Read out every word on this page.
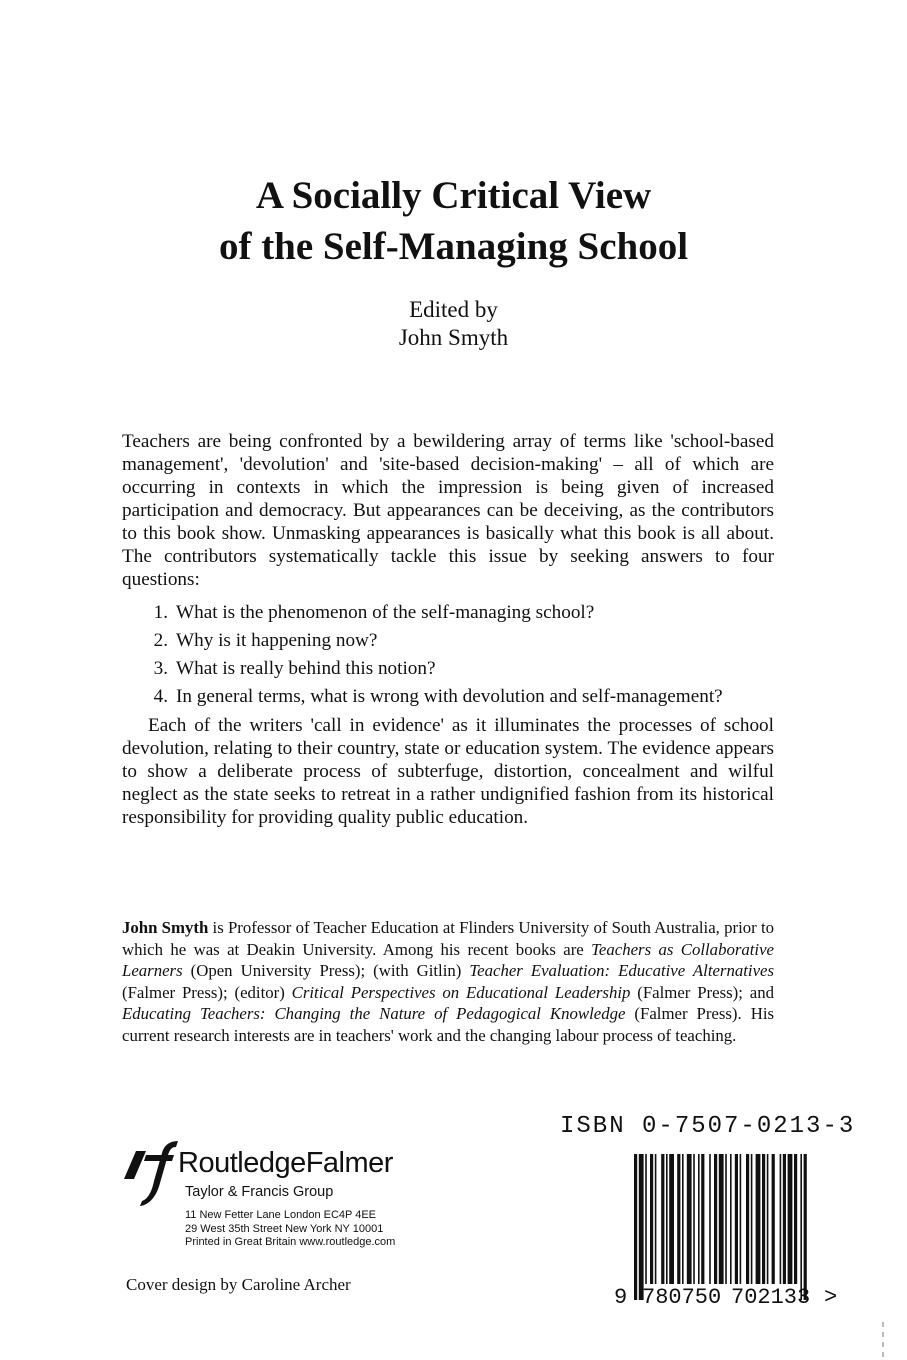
A Socially Critical View
of the Self-Managing School
Edited by
John Smyth

Teachers are being confronted by a bewildering array of terms like 'school-based management', 'devolution' and 'site-based decision-making' – all of which are occurring in contexts in which the impression is being given of increased participation and democracy. But appearances can be deceiving, as the contributors to this book show. Unmasking appearances is basically what this book is all about. The contributors systematically tackle this issue by seeking answers to four questions:

1. What is the phenomenon of the self-managing school?
2. Why is it happening now?
3. What is really behind this notion?
4. In general terms, what is wrong with devolution and self-management?

Each of the writers 'call in evidence' as it illuminates the processes of school devolution, relating to their country, state or education system. The evidence appears to show a deliberate process of subterfuge, distortion, concealment and wilful neglect as the state seeks to retreat in a rather undignified fashion from its historical responsibility for providing quality public education.

John Smyth is Professor of Teacher Education at Flinders University of South Australia, prior to which he was at Deakin University. Among his recent books are Teachers as Collaborative Learners (Open University Press); (with Gitlin) Teacher Evaluation: Educative Alternatives (Falmer Press); (editor) Critical Perspectives on Educational Leadership (Falmer Press); and Educating Teachers: Changing the Nature of Pedagogical Knowledge (Falmer Press). His current research interests are in teachers' work and the changing labour process of teaching.

RoutledgeFalmer
Taylor & Francis Group
11 New Fetter Lane London EC4P 4EE
29 West 35th Street New York NY 10001
Printed in Great Britain www.routledge.com
Cover design by Caroline Archer
ISBN 0-7507-0213-3
9 780750 702133 >
